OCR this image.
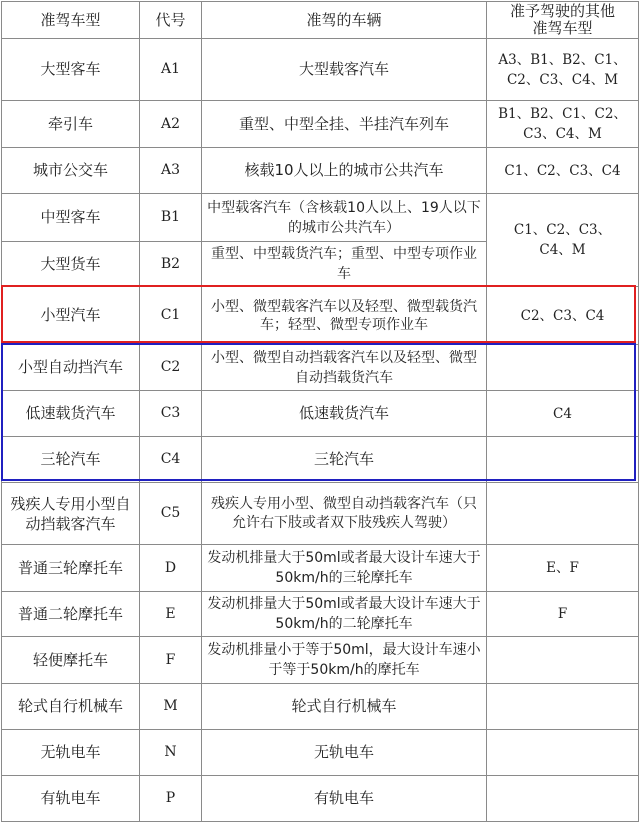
准驾车型	代号	准驾的车辆	准予驾驶的其他准驾车型
大型客车	A1	大型载客汽车	A3、B1、B2、C1、C2、C3、C4、M
牵引车	A2	重型、中型全挂、半挂汽车列车	B1、B2、C1、C2、C3、C4、M
城市公交车	A3	核载10人以上的城市公共汽车	C1、C2、C3、C4
中型客车	B1	中型载客汽车（含核载10人以上、19人以下的城市公共汽车）	C1、C2、C3、C4、M
大型货车	B2	重型、中型载货汽车；重型、中型专项作业车	
小型汽车	C1	小型、微型载客汽车以及轻型、微型载货汽车；轻型、微型专项作业车	C2、C3、C4
小型自动挡汽车	C2	小型、微型自动挡载客汽车以及轻型、微型自动挡载货汽车	
低速载货汽车	C3	低速载货汽车	C4
三轮汽车	C4	三轮汽车	
残疾人专用小型自动挡载客汽车	C5	残疾人专用小型、微型自动挡载客汽车（只允许右下肢或者双下肢残疾人驾驶）	
普通三轮摩托车	D	发动机排量大于50ml或者最大设计车速大于50km/h的三轮摩托车	E、F
普通二轮摩托车	E	发动机排量大于50ml或者最大设计车速大于50km/h的二轮摩托车	F
轻便摩托车	F	发动机排量小于等于50ml，最大设计车速小于等于50km/h的摩托车	
轮式自行机械车	M	轮式自行机械车	
无轨电车	N	无轨电车	
有轨电车	P	有轨电车	
